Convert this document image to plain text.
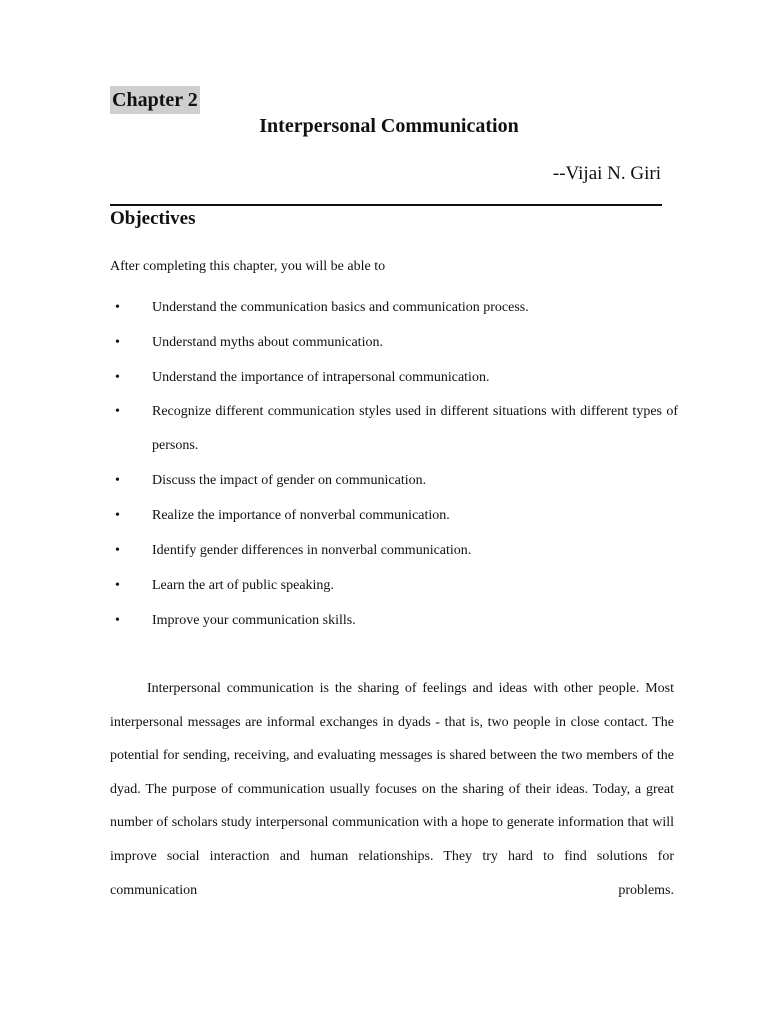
Chapter 2
Interpersonal Communication
--Vijai N. Giri
Objectives
After completing this chapter, you will be able to
•	Understand the communication basics and communication process.
•	Understand myths about communication.
•	Understand the importance of intrapersonal communication.
•	Recognize different communication styles used in different situations with different types of persons.
•	Discuss the impact of gender on communication.
•	Realize the importance of nonverbal communication.
•	Identify gender differences in nonverbal communication.
•	Learn the art of public speaking.
•	Improve your communication skills.

Interpersonal communication is the sharing of feelings and ideas with other people. Most interpersonal messages are informal exchanges in dyads - that is, two people in close contact. The potential for sending, receiving, and evaluating messages is shared between the two members of the dyad. The purpose of communication usually focuses on the sharing of their ideas. Today, a great number of scholars study interpersonal communication with a hope to generate information that will improve social interaction and human relationships. They try hard to find solutions for communication problems.
